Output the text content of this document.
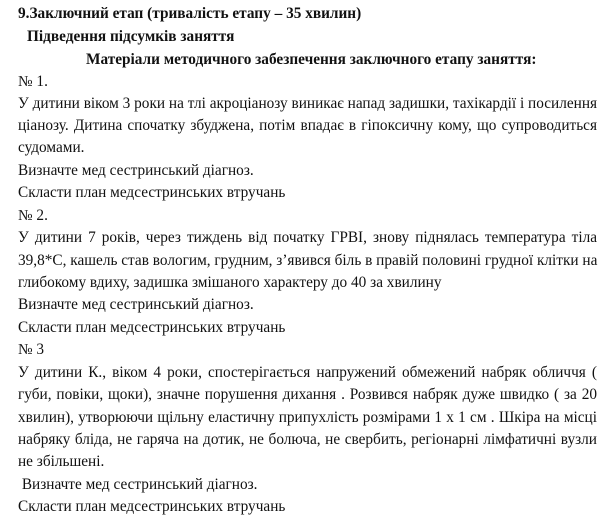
9.Заключний етап (тривалість етапу – 35 хвилин)
Підведення підсумків заняття
Матеріали методичного забезпечення заключного етапу заняття:
№ 1.
У дитини віком 3 роки на тлі акроціанозу виникає напад задишки, тахікардії і посилення
ціанозу. Дитина спочатку збуджена, потім впадає в гіпоксичну кому, що супроводиться
судомами.
Визначте мед сестринський діагноз.
Скласти план медсестринських втручань
№ 2.
У дитини 7 років, через тиждень від початку ГРВІ, знову піднялась температура тіла
39,8*С, кашель став вологим, грудним, з’явився біль в правій половині грудної клітки на
глибокому вдиху, задишка змішаного характеру до 40 за хвилину
Визначте мед сестринський діагноз.
Скласти план медсестринських втручань
№ 3
У дитини К., віком 4 роки, спостерігається напружений обмежений набряк обличчя (
губи, повіки, щоки), значне порушення дихання . Розвився набряк дуже швидко ( за 20
хвилин), утворюючи щільну еластичну припухлість розмірами 1 х 1 см . Шкіра на місці
набряку бліда, не гаряча на дотик, не болюча, не свербить, регіонарні лімфатичні вузли
не збільшені.
Визначте мед сестринський діагноз.
Скласти план медсестринських втручань
